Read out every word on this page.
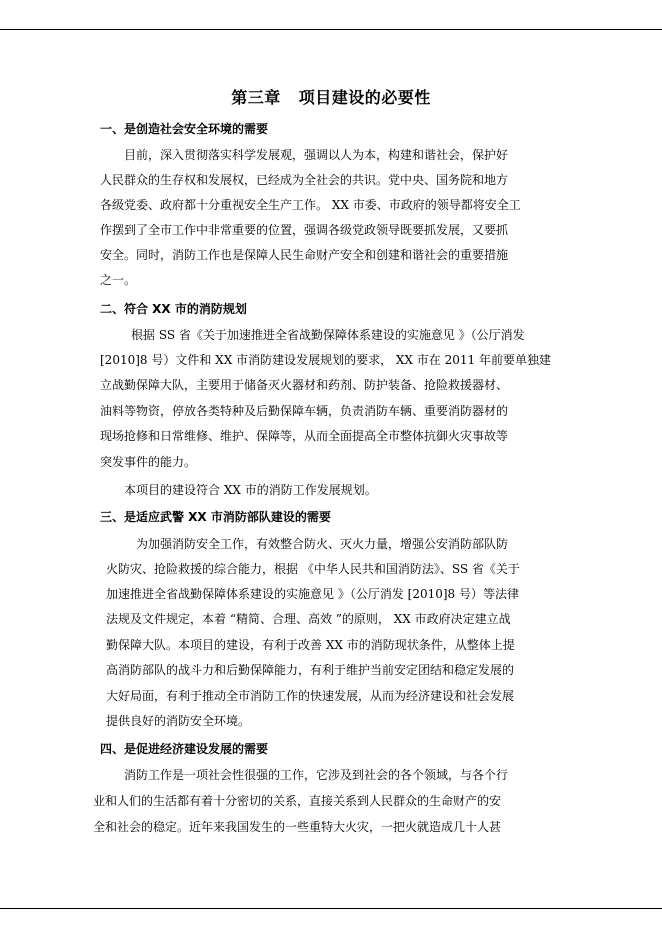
第三章 项目建设的必要性
一、是创造社会安全环境的需要

目前，深入贯彻落实科学发展观，强调以人为本，构建和谐社会，保护好

人民群众的生存权和发展权，已经成为全社会的共识。党中央、国务院和地方

各级党委、政府都十分重视安全生产工作。 XX 市委、市政府的领导都将安全工

作摆到了全市工作中非常重要的位置，强调各级党政领导既要抓发展，又要抓

安全。同时，消防工作也是保障人民生命财产安全和创建和谐社会的重要措施

之一。

二、符合 XX 市的消防规划

根据 SS 省《关于加速推进全省战勤保障体系建设的实施意见 》（公厅消发

[2010]8 号）文件和 XX 市消防建设发展规划的要求， XX 市在 2011 年前要单独建

立战勤保障大队，主要用于储备灭火器材和药剂、防护装备、抢险救援器材、

油料等物资，停放各类特种及后勤保障车辆，负责消防车辆、重要消防器材的

现场抢修和日常维修、维护、保障等，从而全面提高全市整体抗御火灾事故等

突发事件的能力。

本项目的建设符合 XX 市的消防工作发展规划。

三、是适应武警 XX 市消防部队建设的需要

为加强消防安全工作，有效整合防火、灭火力量，增强公安消防部队防

火防灾、抢险救援的综合能力，根据 《中华人民共和国消防法》、SS 省《关于

加速推进全省战勤保障体系建设的实施意见 》（公厅消发 [2010]8 号）等法律

法规及文件规定，本着 “精简、合理、高效 ”的原则， XX 市政府决定建立战

勤保障大队。本项目的建设，有利于改善 XX 市的消防现状条件，从整体上提

高消防部队的战斗力和后勤保障能力，有利于维护当前安定团结和稳定发展的

大好局面，有利于推动全市消防工作的快速发展，从而为经济建设和社会发展

提供良好的消防安全环境。

四、是促进经济建设发展的需要

消防工作是一项社会性很强的工作，它涉及到社会的各个领域，与各个行

业和人们的生活都有着十分密切的关系，直接关系到人民群众的生命财产的安

全和社会的稳定。近年来我国发生的一些重特大火灾，一把火就造成几十人甚
